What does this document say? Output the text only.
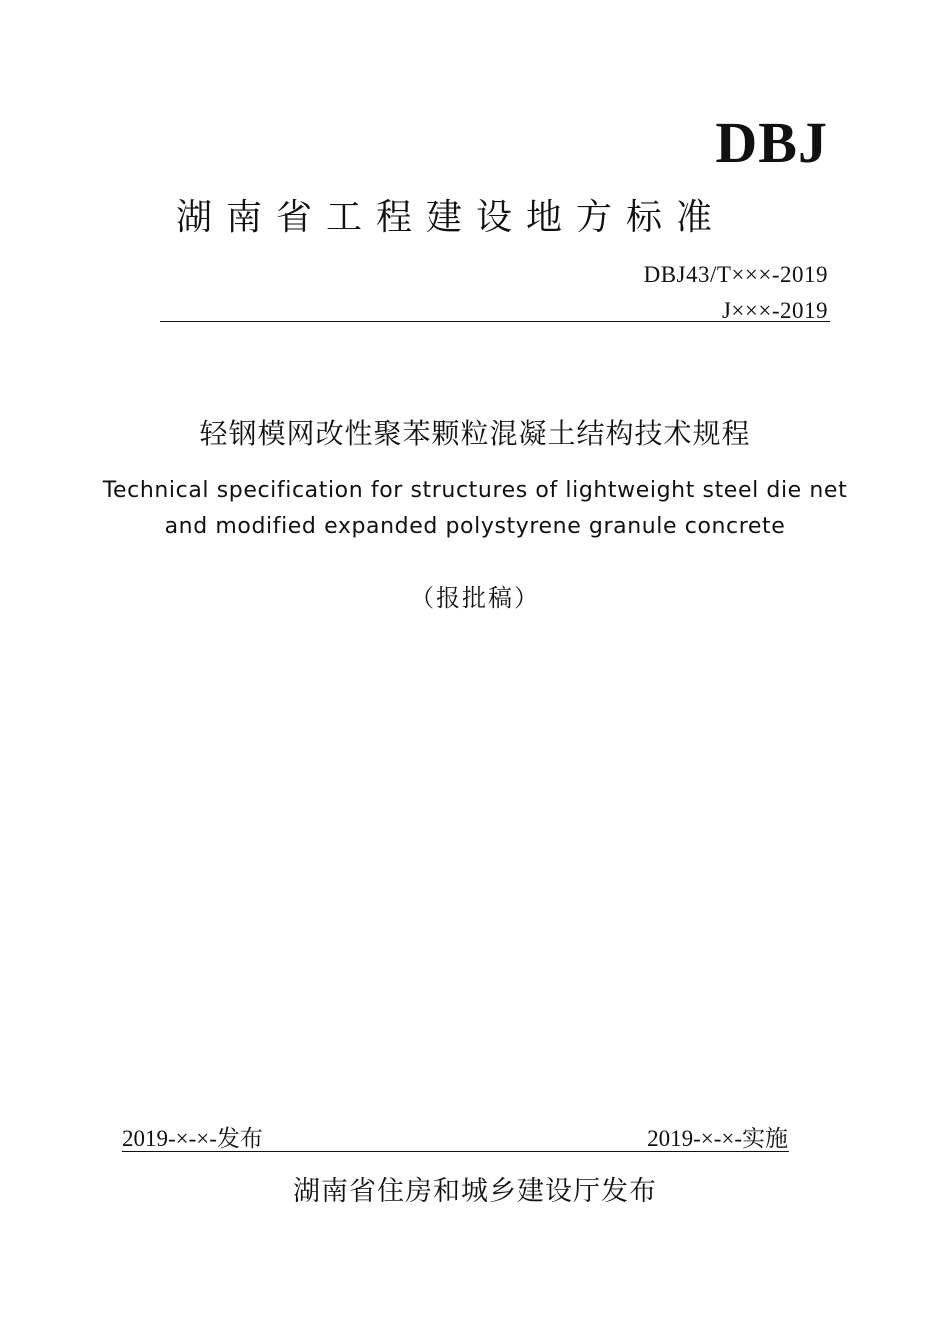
DBJ
湖南省工程建设地方标准
DBJ43/T×××-2019
J×××-2019
轻钢模网改性聚苯颗粒混凝土结构技术规程
Technical specification for structures of lightweight steel die net
and modified expanded polystyrene granule concrete
（报批稿）
2019-×-×-发布	2019-×-×-实施
湖南省住房和城乡建设厅发布
